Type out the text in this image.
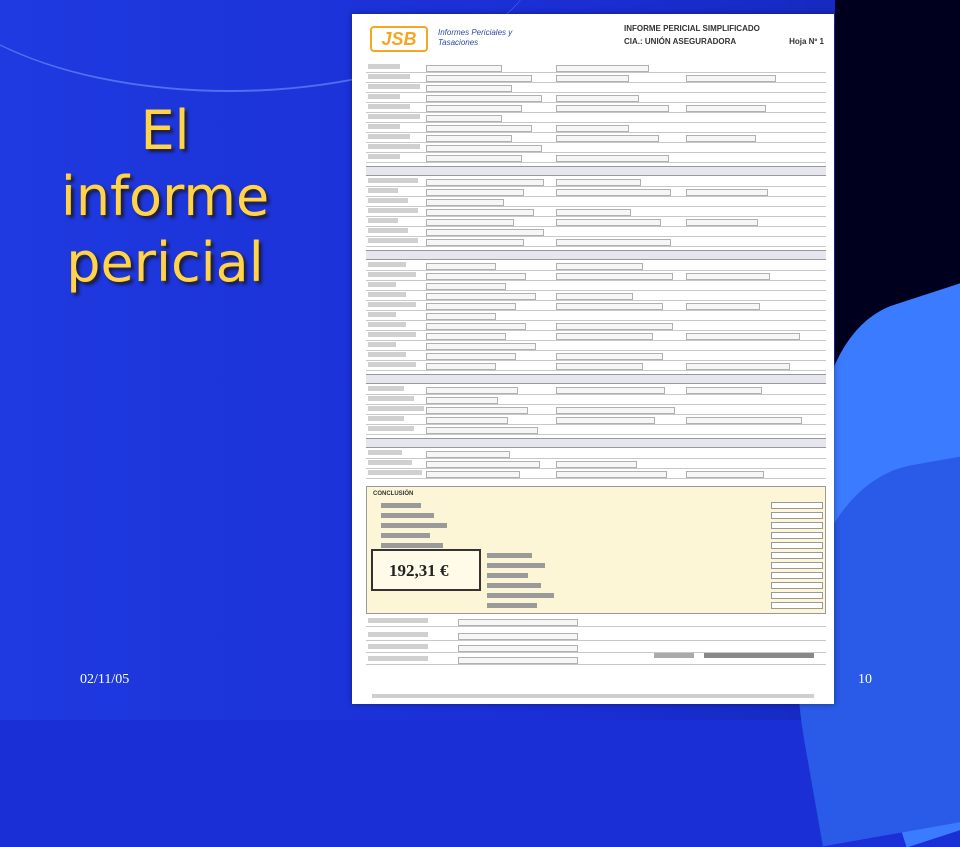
El
informe
pericial
JSB	Informes Periciales y
Tasaciones
INFORME PERICIAL SIMPLIFICADO
CIA.: UNIÓN ASEGURADORA	Hoja Nº 1
CONCLUSIÓN
192,31 €
02/11/05	10
